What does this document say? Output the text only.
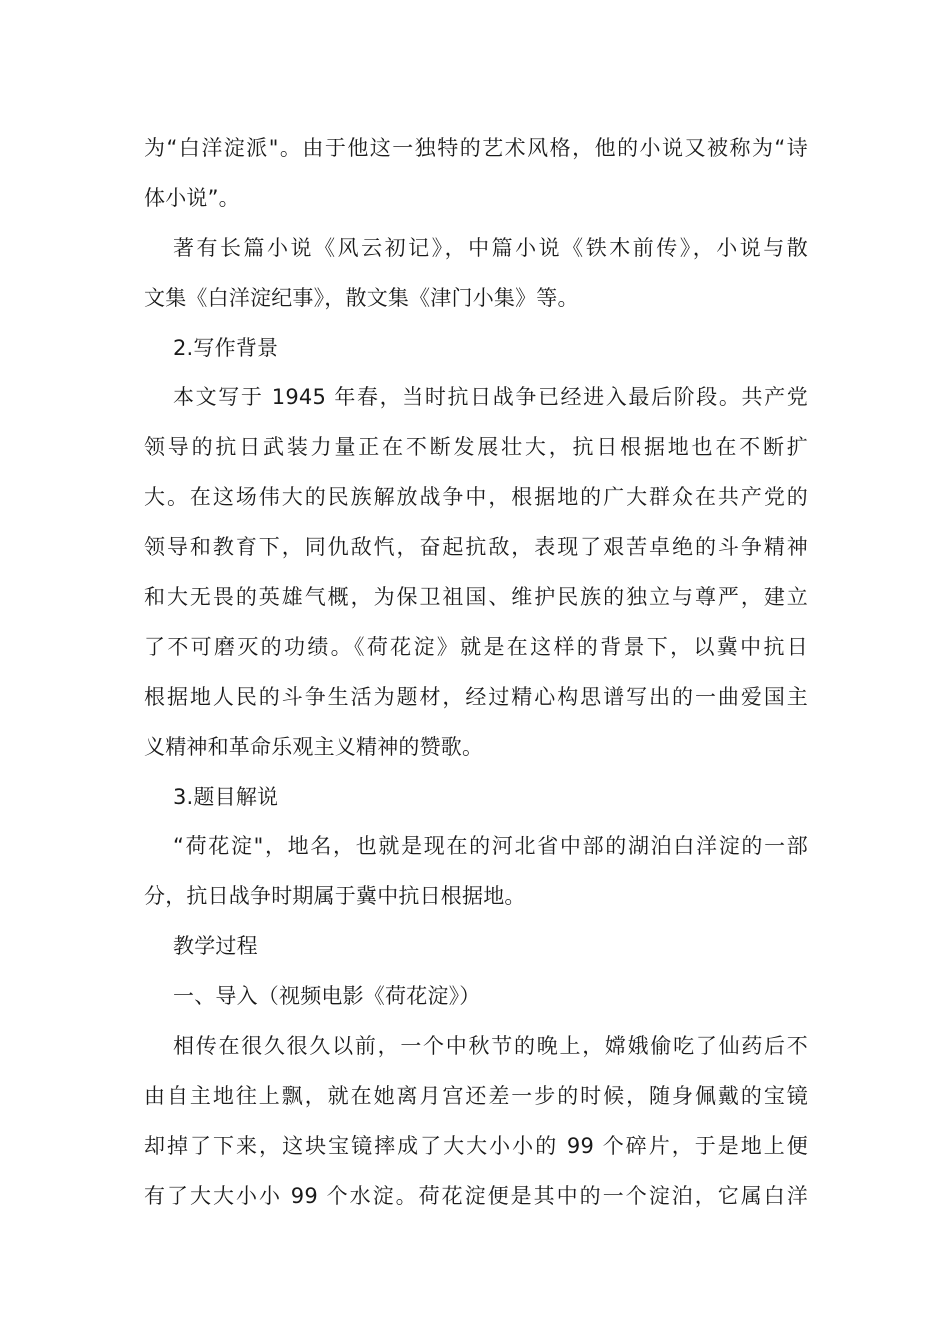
为“白洋淀派"。由于他这一独特的艺术风格，他的小说又被称为“诗
体小说”。
著有长篇小说《风云初记》，中篇小说《铁木前传》，小说与散
文集《白洋淀纪事》，散文集《津门小集》等。
2.写作背景
本文写于 1945 年春，当时抗日战争已经进入最后阶段。共产党
领导的抗日武装力量正在不断发展壮大，抗日根据地也在不断扩
大。在这场伟大的民族解放战争中，根据地的广大群众在共产党的
领导和教育下，同仇敌忾，奋起抗敌，表现了艰苦卓绝的斗争精神
和大无畏的英雄气概，为保卫祖国、维护民族的独立与尊严，建立
了不可磨灭的功绩。《荷花淀》就是在这样的背景下，以冀中抗日
根据地人民的斗争生活为题材，经过精心构思谱写出的一曲爱国主
义精神和革命乐观主义精神的赞歌。
3.题目解说
“荷花淀"，地名，也就是现在的河北省中部的湖泊白洋淀的一部
分，抗日战争时期属于冀中抗日根据地。
教学过程
一、导入（视频电影《荷花淀》）
相传在很久很久以前，一个中秋节的晚上，嫦娥偷吃了仙药后不
由自主地往上飘，就在她离月宫还差一步的时候，随身佩戴的宝镜
却掉了下来，这块宝镜摔成了大大小小的 99 个碎片，于是地上便
有了大大小小 99 个水淀。荷花淀便是其中的一个淀泊，它属白洋
